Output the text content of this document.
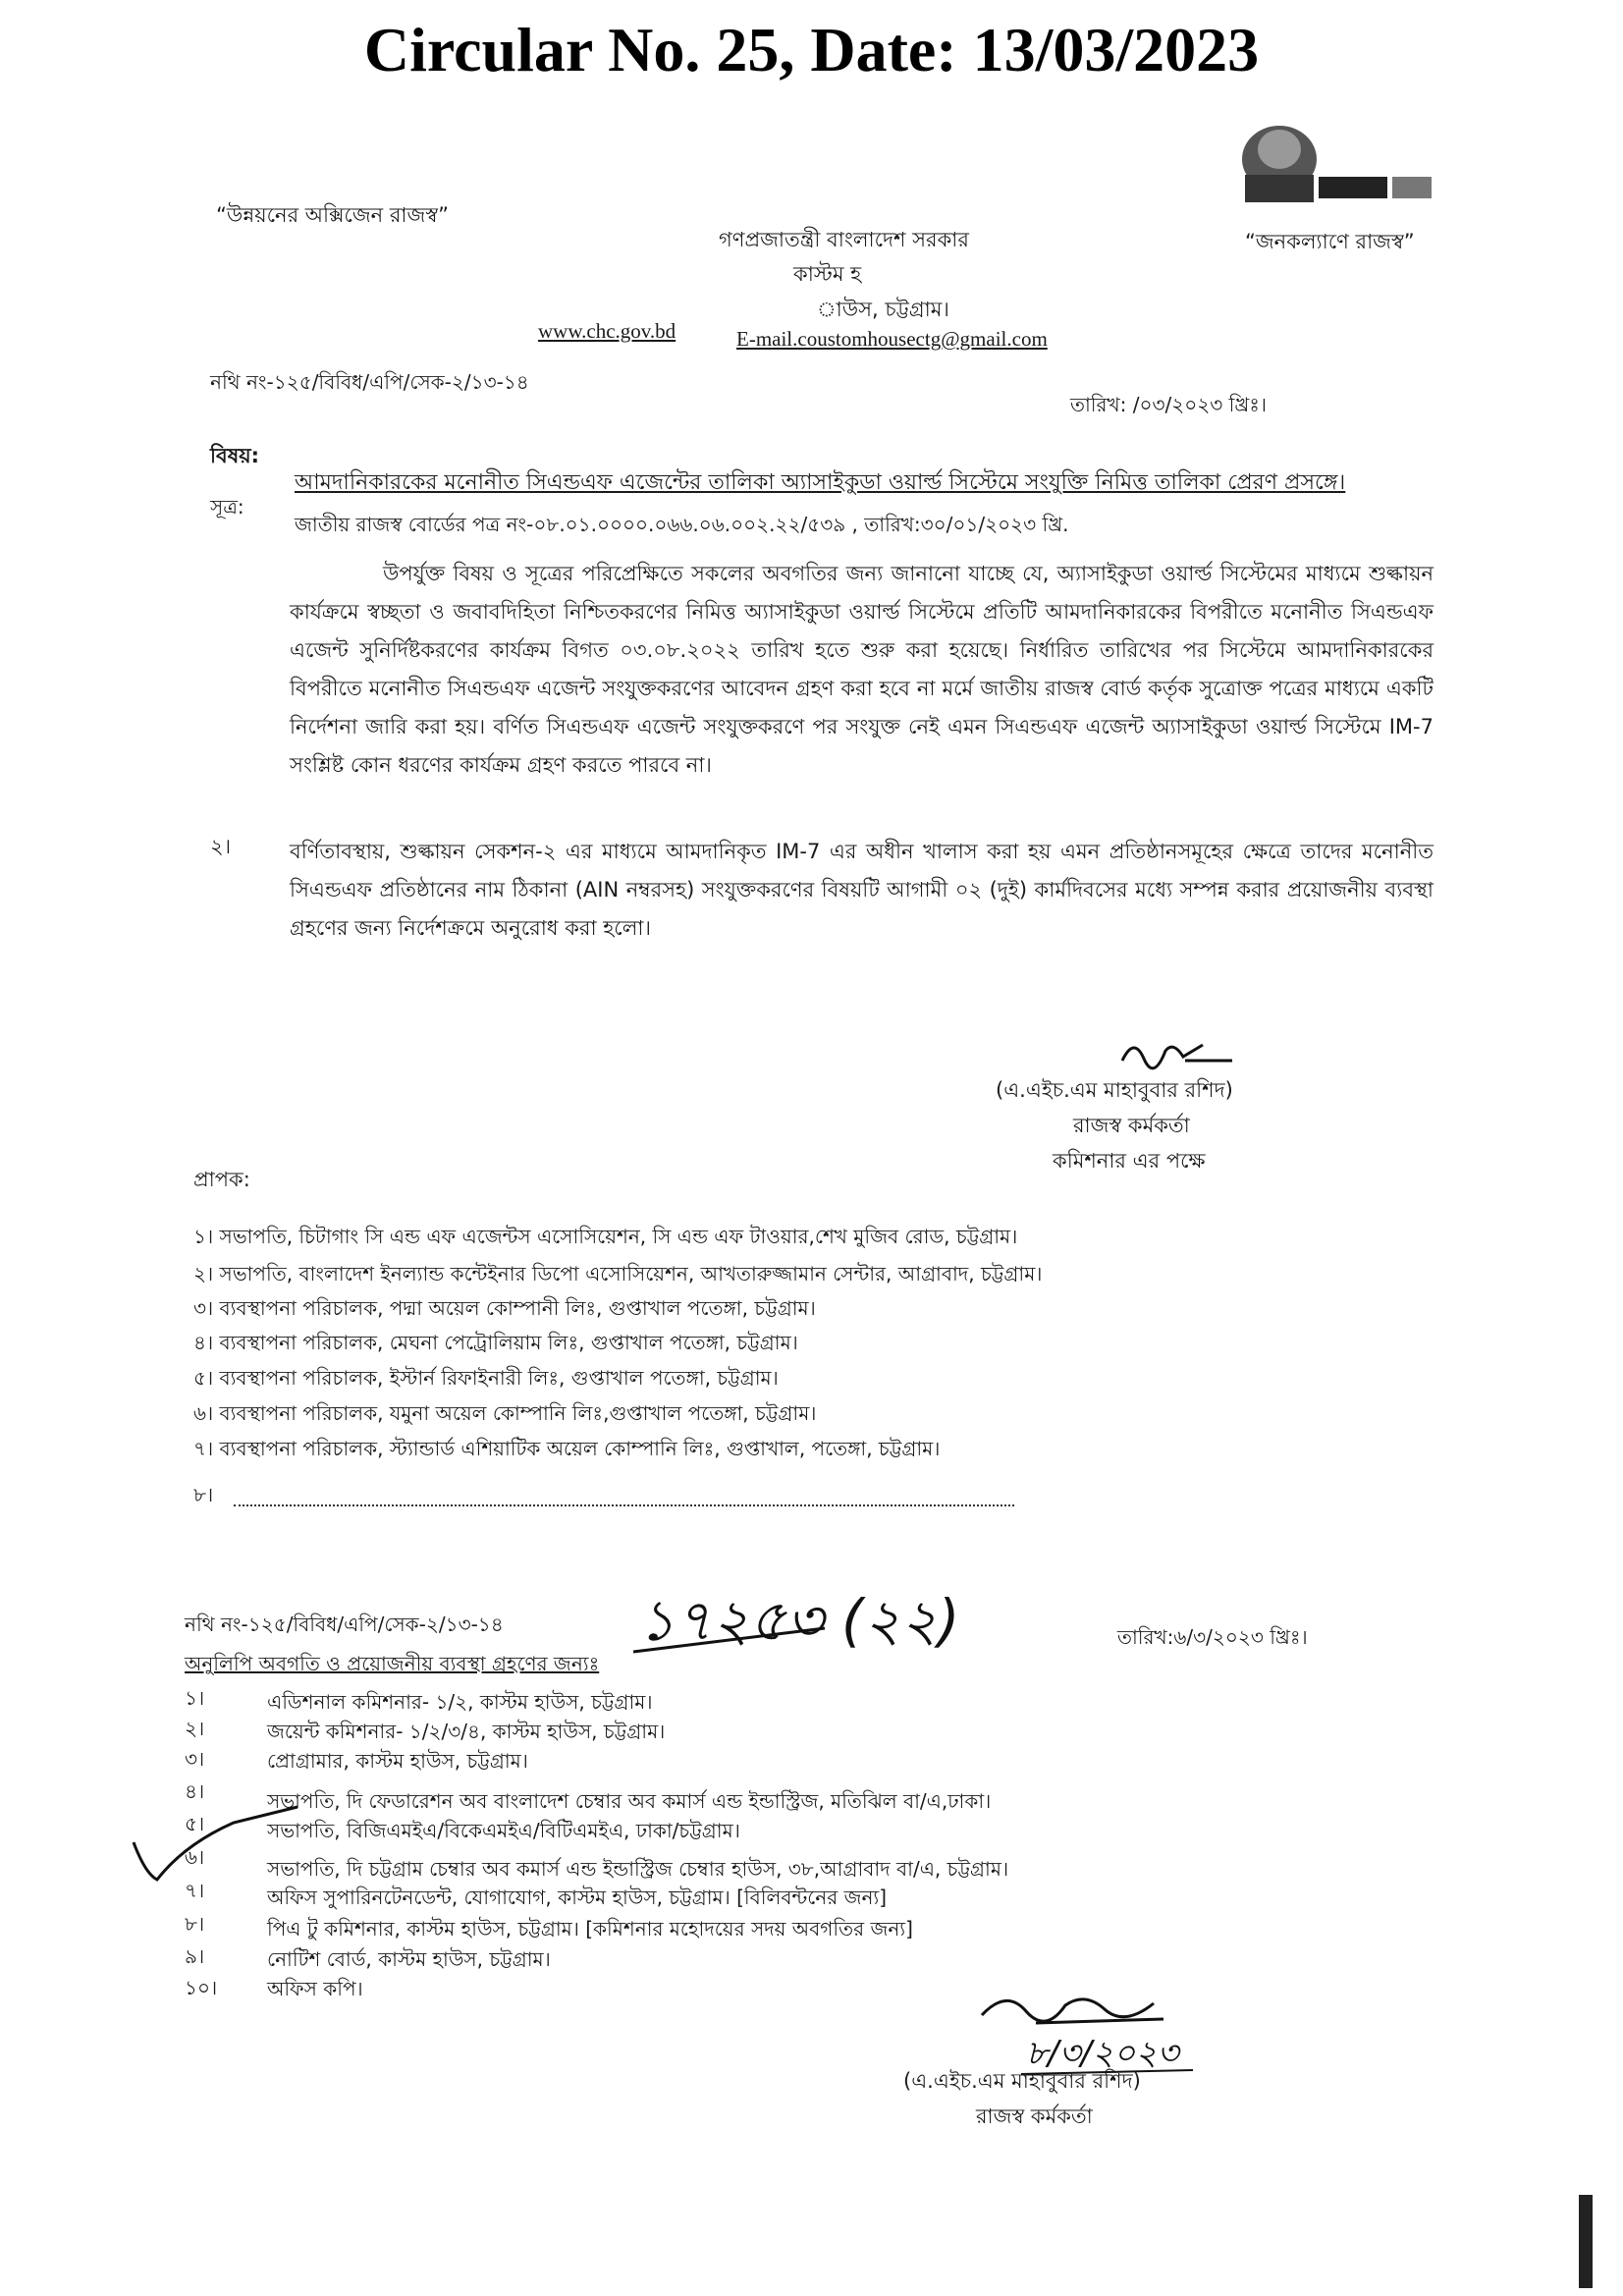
Circular No. 25, Date: 13/03/2023
“উন্নয়নের অক্সিজেন রাজস্ব”
“জনকল্যাণে রাজস্ব”
গণপ্রজাতন্ত্রী বাংলাদেশ সরকার
কাস্টম হ
াউস, চট্টগ্রাম।
www.chc.gov.bd	E-mail.coustomhousectg@gmail.com
নথি নং-১২৫/বিবিধ/এপি/সেক-২/১৩-১৪
তারিখ: /০৩/২০২৩ খ্রিঃ।
বিষয়:
আমদানিকারকের মনোনীত সিএন্ডএফ এজেন্টের তালিকা অ্যাসাইকুডা ওয়ার্ল্ড সিস্টেমে সংযুক্তি নিমিত্ত তালিকা প্রেরণ প্রসঙ্গে।
সূত্র:
জাতীয় রাজস্ব বোর্ডের পত্র নং-০৮.০১.০০০০.০৬৬.০৬.০০২.২২/৫৩৯ , তারিখ:৩০/০১/২০২৩ খ্রি.
উপর্যুক্ত বিষয় ও সূত্রের পরিপ্রেক্ষিতে সকলের অবগতির জন্য জানানো যাচ্ছে যে, অ্যাসাইকুডা ওয়ার্ল্ড সিস্টেমের মাধ্যমে শুল্কায়ন কার্যক্রমে স্বচ্ছতা ও জবাবদিহিতা নিশ্চিতকরণের নিমিত্ত অ্যাসাইকুডা ওয়ার্ল্ড সিস্টেমে প্রতিটি আমদানিকারকের বিপরীতে মনোনীত সিএন্ডএফ এজেন্ট সুনির্দিষ্টকরণের কার্যক্রম বিগত ০৩.০৮.২০২২ তারিখ হতে শুরু করা হয়েছে। নির্ধারিত তারিখের পর সিস্টেমে আমদানিকারকের বিপরীতে মনোনীত সিএন্ডএফ এজেন্ট সংযুক্তকরণের আবেদন গ্রহণ করা হবে না মর্মে জাতীয় রাজস্ব বোর্ড কর্তৃক সুত্রোক্ত পত্রের মাধ্যমে একটি নির্দেশনা জারি করা হয়। বর্ণিত সিএন্ডএফ এজেন্ট সংযুক্তকরণে পর সংযুক্ত নেই এমন সিএন্ডএফ এজেন্ট অ্যাসাইকুডা ওয়ার্ল্ড সিস্টেমে IM-7 সংশ্লিষ্ট কোন ধরণের কার্যক্রম গ্রহণ করতে পারবে না।
২।	বর্ণিতাবস্থায়, শুল্কায়ন সেকশন-২ এর মাধ্যমে আমদানিকৃত IM-7 এর অধীন খালাস করা হয় এমন প্রতিষ্ঠানসমূহের ক্ষেত্রে তাদের মনোনীত সিএন্ডএফ প্রতিষ্ঠানের নাম ঠিকানা (AIN নম্বরসহ) সংযুক্তকরণের বিষয়টি আগামী ০২ (দুই) কার্মদিবসের মধ্যে সম্পন্ন করার প্রয়োজনীয় ব্যবস্থা গ্রহণের জন্য নির্দেশক্রমে অনুরোধ করা হলো।
(এ.এইচ.এম মাহাবুবার রশিদ)
রাজস্ব কর্মকর্তা
কমিশনার এর পক্ষে
প্রাপক:
১। সভাপতি, চিটাগাং সি এন্ড এফ এজেন্টস এসোসিয়েশন, সি এন্ড এফ টাওয়ার,শেখ মুজিব রোড, চট্টগ্রাম।
২। সভাপতি, বাংলাদেশ ইনল্যান্ড কন্টেইনার ডিপো এসোসিয়েশন, আখতারুজ্জামান সেন্টার, আগ্রাবাদ, চট্টগ্রাম।
৩। ব্যবস্থাপনা পরিচালক, পদ্মা অয়েল কোম্পানী লিঃ, গুপ্তাখাল পতেঙ্গা, চট্টগ্রাম।
৪। ব্যবস্থাপনা পরিচালক, মেঘনা পেট্রোলিয়াম লিঃ, গুপ্তাখাল পতেঙ্গা, চট্টগ্রাম।
৫। ব্যবস্থাপনা পরিচালক, ইস্টার্ন রিফাইনারী লিঃ, গুপ্তাখাল পতেঙ্গা, চট্টগ্রাম।
৬। ব্যবস্থাপনা পরিচালক, যমুনা অয়েল কোম্পানি লিঃ,গুপ্তাখাল পতেঙ্গা, চট্টগ্রাম।
৭। ব্যবস্থাপনা পরিচালক, স্ট্যান্ডার্ড এশিয়াটিক অয়েল কোম্পানি লিঃ, গুপ্তাখাল, পতেঙ্গা, চট্টগ্রাম।
৮।
নথি নং-১২৫/বিবিধ/এপি/সেক-২/১৩-১৪ ১৭২৫৩ (২২)	তারিখ:৬/৩/২০২৩ খ্রিঃ।
অনুলিপি অবগতি ও প্রয়োজনীয় ব্যবস্থা গ্রহণের জন্যঃ
১।	এডিশনাল কমিশনার- ১/২, কাস্টম হাউস, চট্টগ্রাম।
২।	জয়েন্ট কমিশনার- ১/২/৩/৪, কাস্টম হাউস, চট্টগ্রাম।
৩।	প্রোগ্রামার, কাস্টম হাউস, চট্টগ্রাম।
৪।	সভাপতি, দি ফেডারেশন অব বাংলাদেশ চেম্বার অব কমার্স এন্ড ইন্ডাস্ট্রিজ, মতিঝিল বা/এ,ঢাকা।
৫।	সভাপতি, বিজিএমইএ/বিকেএমইএ/বিটিএমইএ, ঢাকা/চট্টগ্রাম।
৬।	সভাপতি, দি চট্টগ্রাম চেম্বার অব কমার্স এন্ড ইন্ডাস্ট্রিজ চেম্বার হাউস, ৩৮,আগ্রাবাদ বা/এ, চট্টগ্রাম।
৭।	অফিস সুপারিনটেনডেন্ট, যোগাযোগ, কাস্টম হাউস, চট্টগ্রাম। [বিলিবন্টনের জন্য]
৮।	পিএ টু কমিশনার, কাস্টম হাউস, চট্টগ্রাম। [কমিশনার মহোদয়ের সদয় অবগতির জন্য]
৯।	নোটিশ বোর্ড, কাস্টম হাউস, চট্টগ্রাম।
১০।	অফিস কপি।
৮/৩/২০২৩
(এ.এইচ.এম মাহাবুবার রশিদ)
রাজস্ব কর্মকর্তা
